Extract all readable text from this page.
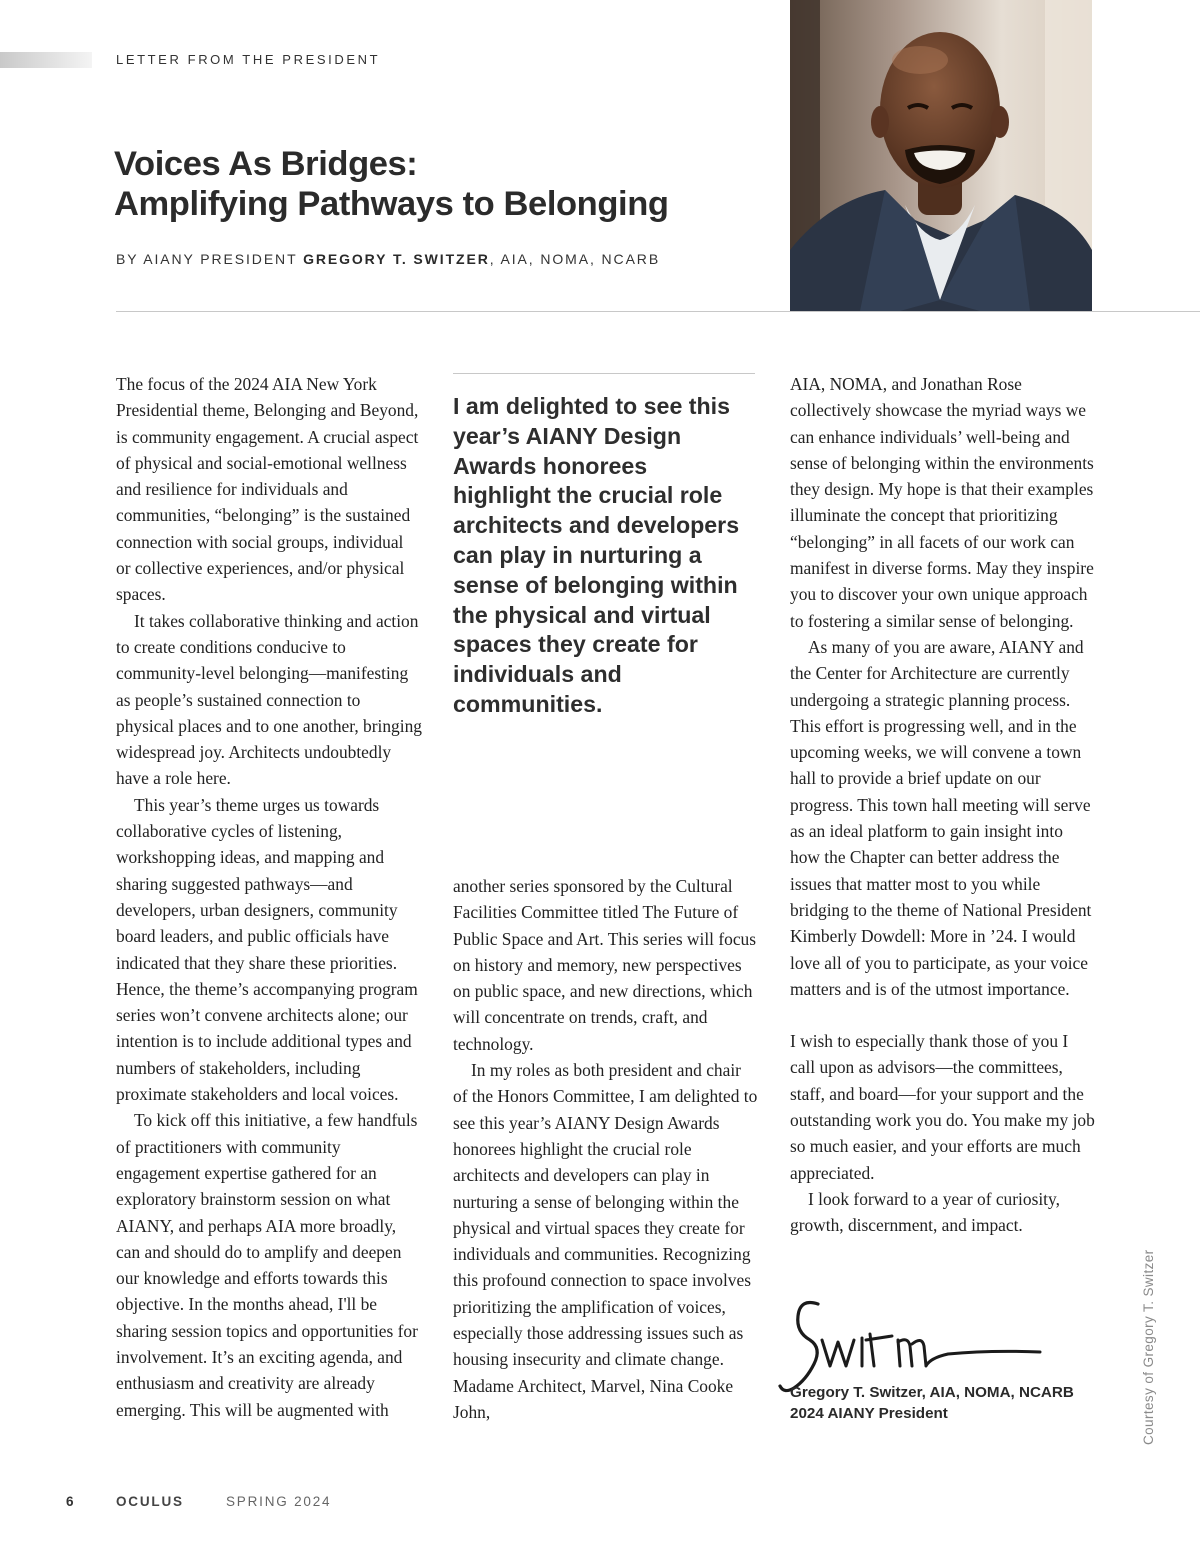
LETTER FROM THE PRESIDENT
Voices As Bridges:
Amplifying Pathways to Belonging
BY AIANY PRESIDENT GREGORY T. SWITZER, AIA, NOMA, NCARB

The focus of the 2024 AIA New York Presidential theme, Belonging and Beyond, is community engagement. A crucial aspect of physical and social-emotional wellness and resilience for individuals and communities, “belonging” is the sustained connection with social groups, individual or collective experiences, and/or physical spaces.

It takes collaborative thinking and action to create conditions conducive to community-level belonging—manifesting as people’s sustained connection to physical places and to one another, bringing widespread joy. Architects undoubtedly have a role here.

This year’s theme urges us towards collaborative cycles of listening, workshopping ideas, and mapping and sharing suggested pathways—and developers, urban designers, community board leaders, and public officials have indicated that they share these priorities. Hence, the theme’s accompanying program series won’t convene architects alone; our intention is to include additional types and numbers of stakeholders, including proximate stakeholders and local voices.

To kick off this initiative, a few handfuls of practitioners with community engagement expertise gathered for an exploratory brainstorm session on what AIANY, and perhaps AIA more broadly, can and should do to amplify and deepen our knowledge and efforts towards this objective. In the months ahead, I'll be sharing session topics and opportunities for involvement. It’s an exciting agenda, and enthusiasm and creativity are already emerging. This will be augmented with

I am delighted to see this year’s AIANY Design Awards honorees highlight the crucial role architects and developers can play in nurturing a sense of belonging within the physical and virtual spaces they create for individuals and communities.

another series sponsored by the Cultural Facilities Committee titled The Future of Public Space and Art. This series will focus on history and memory, new perspectives on public space, and new directions, which will concentrate on trends, craft, and technology.

In my roles as both president and chair of the Honors Committee, I am delighted to see this year’s AIANY Design Awards honorees highlight the crucial role architects and developers can play in nurturing a sense of belonging within the physical and virtual spaces they create for individuals and communities. Recognizing this profound connection to space involves prioritizing the amplification of voices, especially those addressing issues such as housing insecurity and climate change. Madame Architect, Marvel, Nina Cooke John,

AIA, NOMA, and Jonathan Rose collectively showcase the myriad ways we can enhance individuals’ well-being and sense of belonging within the environments they design. My hope is that their examples illuminate the concept that prioritizing “belonging” in all facets of our work can manifest in diverse forms. May they inspire you to discover your own unique approach to fostering a similar sense of belonging.

As many of you are aware, AIANY and the Center for Architecture are currently undergoing a strategic planning process. This effort is progressing well, and in the upcoming weeks, we will convene a town hall to provide a brief update on our progress. This town hall meeting will serve as an ideal platform to gain insight into how the Chapter can better address the issues that matter most to you while bridging to the theme of National President Kimberly Dowdell: More in ’24. I would love all of you to participate, as your voice matters and is of the utmost importance.

I wish to especially thank those of you I call upon as advisors—the committees, staff, and board—for your support and the outstanding work you do. You make my job so much easier, and your efforts are much appreciated.

I look forward to a year of curiosity, growth, discernment, and impact.

Gregory T. Switzer, AIA, NOMA, NCARB
2024 AIANY President	Courtesy of Gregory T. Switzer
6	OCULUS	SPRING 2024
